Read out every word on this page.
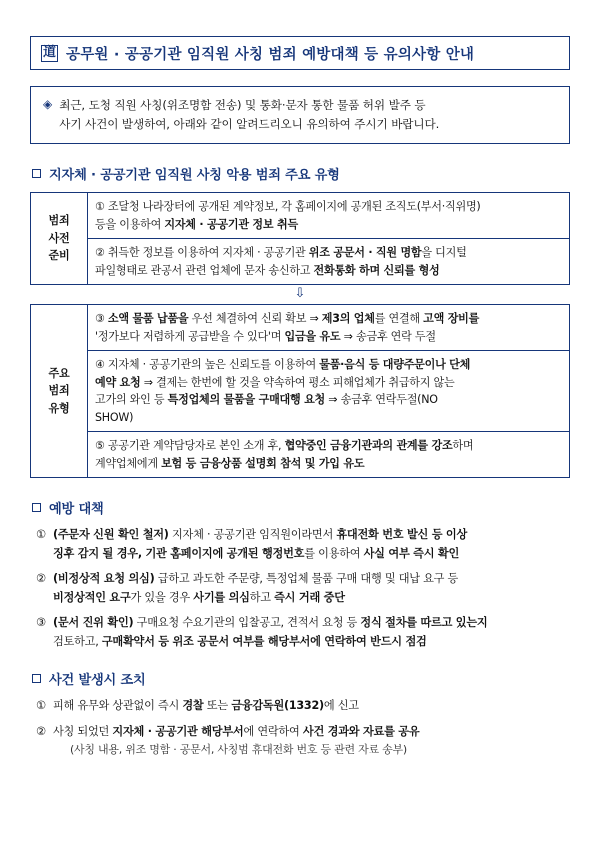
道 공무원 · 공공기관 임직원 사칭 범죄 예방대책 등 유의사항 안내
◈ 최근, 도청 직원 사칭(위조명함 전송) 및 통화·문자 통한 물품 허위 발주 등
사기 사건이 발생하여, 아래와 같이 알려드리오니 유의하여 주시기 바랍니다.
지자체 · 공공기관 임직원 사칭 악용 범죄 주요 유형
범죄
사전
준비
	① 조달청 나라장터에 공개된 계약정보, 각 홈페이지에 공개된 조직도(부서·직위명)
등을 이용하여 지자체 · 공공기관 정보 취득
② 취득한 정보를 이용하여 지자체 · 공공기관 위조 공문서 · 직원 명함을 디지털
파일형태로 관공서 관련 업체에 문자 송신하고 전화통화 하며 신뢰를 형성
⇩
주요
범죄
유형
	③ 소액 물품 납품을 우선 체결하여 신뢰 확보 ⇒ 제3의 업체를 연결해 고액 장비를
'정가보다 저렴하게 공급받을 수 있다'며 입금을 유도 ⇒ 송금후 연락 두절
④ 지자체 · 공공기관의 높은 신뢰도를 이용하여 물품·음식 등 대량주문이나 단체
예약 요청 ⇒ 결제는 한번에 할 것을 약속하여 평소 피해업체가 취급하지 않는
고가의 와인 등 특정업체의 물품을 구매대행 요청 ⇒ 송금후 연락두절(NO
SHOW)
⑤ 공공기관 계약담당자로 본인 소개 후, 협약중인 금융기관과의 관계를 강조하며
계약업체에게 보험 등 금융상품 설명회 참석 및 가입 유도
예방 대책
① (주문자 신원 확인 철저) 지자체 · 공공기관 임직원이라면서 휴대전화 번호 발신 등 이상
징후 감지 될 경우, 기관 홈페이지에 공개된 행정번호를 이용하여 사실 여부 즉시 확인
② (비정상적 요청 의심) 급하고 과도한 주문량, 특정업체 물품 구매 대행 및 대납 요구 등
비정상적인 요구가 있을 경우 사기를 의심하고 즉시 거래 중단
③ (문서 진위 확인) 구매요청 수요기관의 입찰공고, 견적서 요청 등 정식 절차를 따르고 있는지
검토하고, 구매확약서 등 위조 공문서 여부를 해당부서에 연락하여 반드시 점검
사건 발생시 조치
① 피해 유무와 상관없이 즉시 경찰 또는 금융감독원(1332)에 신고
② 사칭 되었던 지자체 · 공공기관 해당부서에 연락하여 사건 경과와 자료를 공유
(사칭 내용, 위조 명함 · 공문서, 사칭범 휴대전화 번호 등 관련 자료 송부)
